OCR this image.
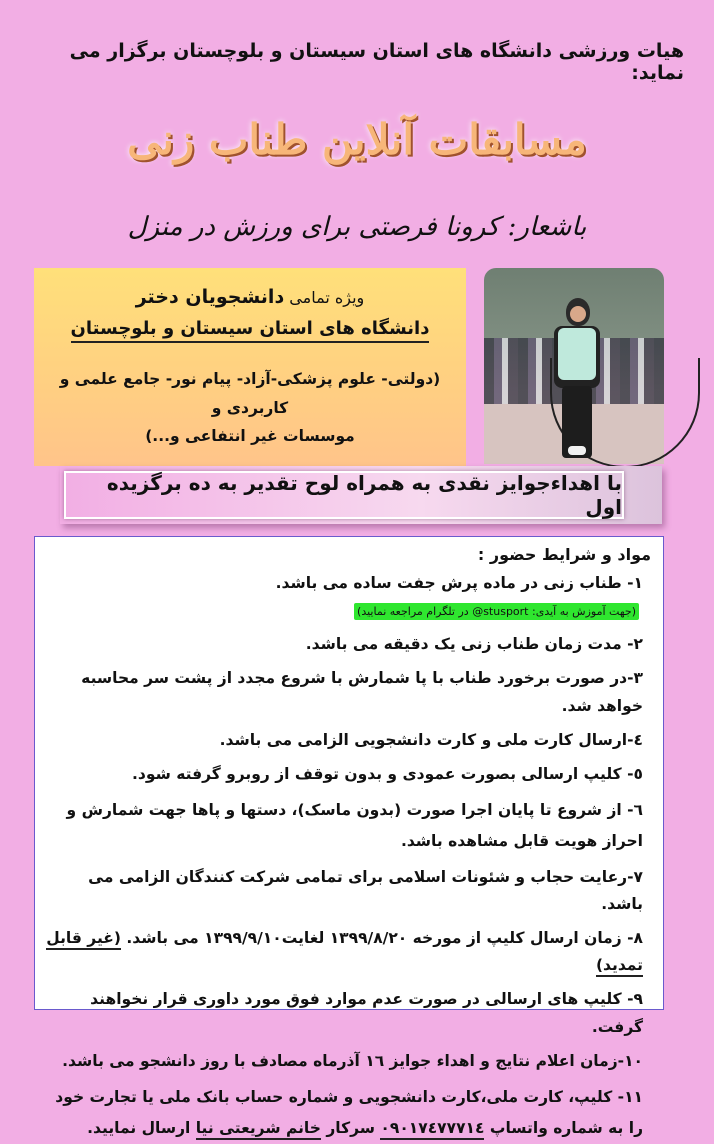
هیات ورزشی دانشگاه های استان سیستان و بلوچستان برگزار می نماید:
مسابقات آنلاین طناب زنی
باشعار: کرونا فرصتی برای ورزش در منزل
ویژه تمامی دانشجویان دختر
دانشگاه های استان سیستان و بلوچستان
(دولتی- علوم پزشکی-آزاد- پیام نور- جامع علمی و کاربردی و
موسسات غیر انتفاعی و...)
با اهداءجوایز نقدی به همراه لوح تقدیر به ده برگزیده اول
مواد و شرایط حضور :
۱- طناب زنی در ماده پرش جفت ساده می باشد. (جهت آموزش به آیدی: stusport@ در تلگرام مراجعه نمایید)
۲- مدت زمان طناب زنی یک دقیقه می باشد.
۳-در صورت برخورد طناب با پا شمارش با شروع مجدد از پشت سر محاسبه خواهد شد.
٤-ارسال کارت ملی و کارت دانشجویی الزامی می باشد.
٥- کلیپ ارسالی بصورت عمودی و بدون توقف از روبرو گرفته شود.
٦- از شروع تا پایان اجرا صورت (بدون ماسک)، دستها و پاها جهت شمارش و احراز هویت قابل مشاهده باشد.
۷-رعایت حجاب و شئونات اسلامی برای تمامی شرکت کنندگان الزامی می باشد.
۸- زمان ارسال کلیپ از مورخه ۱۳۹۹/۸/۲۰ لغایت۱۳۹۹/۹/۱۰ می باشد. (غیر قابل تمدید)
۹- کلیپ های ارسالی در صورت عدم موارد فوق مورد داوری قرار نخواهند گرفت.
۱۰-زمان اعلام نتایج و اهداء جوایز ١٦ آذرماه مصادف با روز دانشجو می باشد.
۱۱- کلیپ، کارت ملی،کارت دانشجویی و شماره حساب بانک ملی یا تجارت خود را به شماره واتساپ ۰۹۰۱۷٤۷۷۷۱٤ سرکار خانم شریعتی نیا ارسال نمایید.
